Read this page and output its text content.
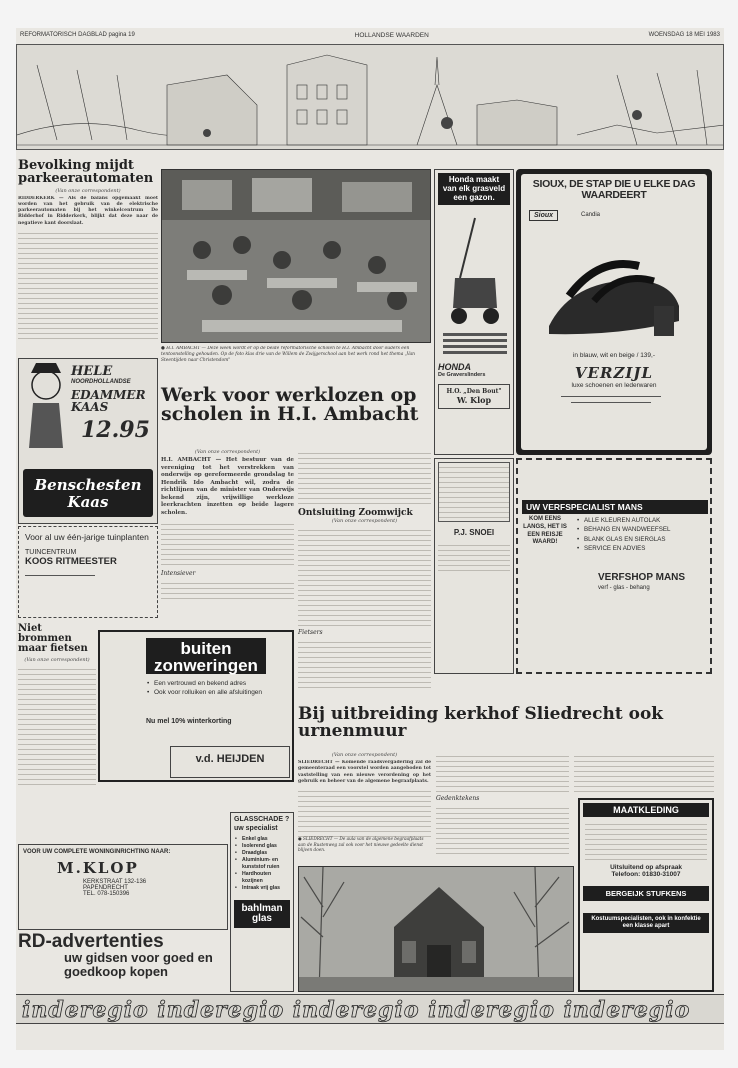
REFORMATORISCH DAGBLAD pagina 19	HOLLANDSE WAARDEN	WOENSDAG 18 MEI 1983
Bevolking mijdt parkeerautomaten
(Van onze correspondent)
RIDDERKERK — Als de balans opgemaakt moet worden van het gebruik van de elektrische parkeerautomaten bij het winkelcentrum De Ridderhof in Ridderkerk, blijkt dat deze naar de negatieve kant doorslaat.
● H.I. AMBACHT — Deze week wordt er op de beide reformatorische scholen te H.I. Ambacht door ouders een tentoonstelling gehouden. Op de foto klas drie van de Willem de Zwijgerschool aan het werk rond het thema „Van Steentijden naar Christendom"
Honda maakt van elk grasveld een gazon.
HONDA
De Graverslinders
H.O. „Den Bout"
W. Klop
SIOUX, DE STAP DIE U ELKE DAG WAARDEERT
Sioux	Candia
in blauw, wit en beige / 139,-
VERZIJL
luxe schoenen en lederwaren
HELE
NOORDHOLLANDSE
EDAMMER KAAS
12.95
Benschesten Kaas
Werk voor werklozen op scholen in H.I. Ambacht
(Van onze correspondent)
H.I. AMBACHT — Het bestuur van de vereniging tot het verstrekken van onderwijs op gereformeerde grondslag te Hendrik Ido Ambacht wil, zodra de richtlijnen van de minister van Onderwijs bekend zijn, vrijwillige werkloze leerkrachten inzetten op beide lagere scholen.
Intensiever
Ontsluiting Zoomwijck
(Van onze correspondent)
Fietsers
Voor al uw één-jarige tuinplanten
TUINCENTRUM
KOOS RITMEESTER
P.J. SNOEI
KOM EENS LANGS, HET IS EEN REISJE WAARD!
UW VERFSPECIALIST MANS
• ALLE KLEUREN AUTOLAK
• BEHANG EN WANDWEEFSEL
• BLANK GLAS EN SIERGLAS
• SERVICE EN ADVIES
VERFSHOP MANS
verf - glas - behang
Niet brommen maar fietsen
(Van onze correspondent)
buiten zonweringen
• Een vertrouwd en bekend adres
• Ook voor rolluiken en alle afsluitingen
Nu mel 10% winterkorting
v.d. HEIJDEN
Bij uitbreiding kerkhof Sliedrecht ook urnenmuur
(Van onze correspondent)
SLIEDRECHT — Komende raadsvergadering zal de gemeenteraad een voorstel worden aangeboden tot vaststelling van een nieuwe verordening op het gebruik en beheer van de algemene begraafplaats.
Gedenktekens
VOOR UW COMPLETE WONINGINRICHTING NAAR:
M.KLOP
KERKSTRAAT 132-136
PAPENDRECHT
TEL. 078-150396
GLASSCHADE ?
uw specialist
• Enkel glas
• Isolerend glas
• Draadglas
• Aluminium- en kunststof ruien
• Hardhouten kozijnen
• Intraak vrij glas
bahlman glas
● SLIEDRECHT — De aula van de algemene begraafplaats aan de Rustenweg zal ook voor het nieuwe gedeelte dienst blijven doen.
RD-advertenties
uw gidsen voor goed en goedkoop kopen
MAATKLEDING
Uitsluitend op afspraak
Telefoon: 01830-31007
BERGEIJK STUFKENS
Kostuumspecialisten, ook in konfektie een klasse apart
inderegio inderegio inderegio inderegio inderegio
